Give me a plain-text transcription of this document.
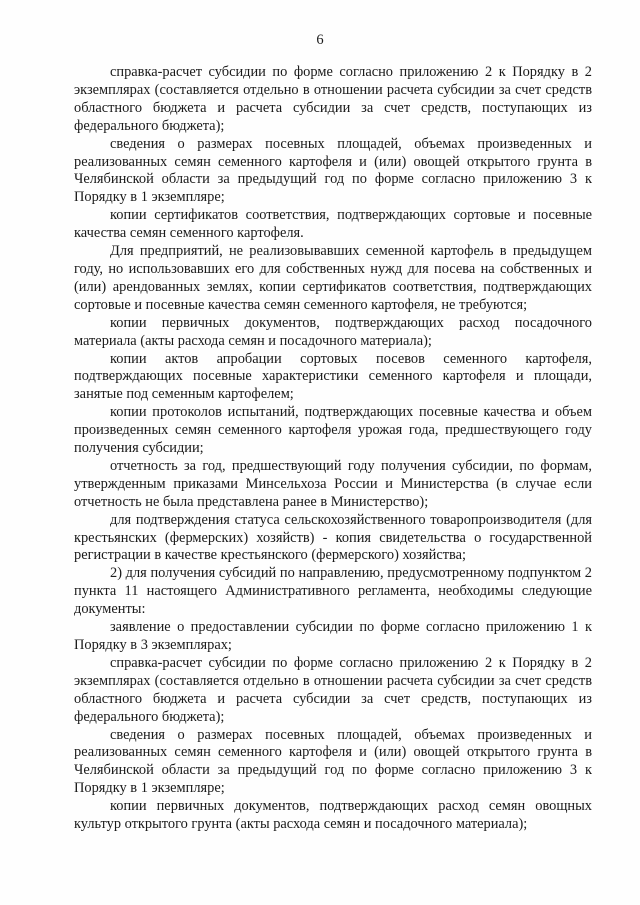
6

справка-расчет субсидии по форме согласно приложению 2 к Порядку в 2 экземплярах (составляется отдельно в отношении расчета субсидии за счет средств областного бюджета и расчета субсидии за счет средств, поступающих из федерального бюджета);

сведения о размерах посевных площадей, объемах произведенных и реализованных семян семенного картофеля и (или) овощей открытого грунта в Челябинской области за предыдущий год по форме согласно приложению 3 к Порядку в 1 экземпляре;

копии сертификатов соответствия, подтверждающих сортовые и посевные качества семян семенного картофеля.

Для предприятий, не реализовывавших семенной картофель в предыдущем году, но использовавших его для собственных нужд для посева на собственных и (или) арендованных землях, копии сертификатов соответствия, подтверждающих сортовые и посевные качества семян семенного картофеля, не требуются;

копии первичных документов, подтверждающих расход посадочного материала (акты расхода семян и посадочного материала);

копии актов апробации сортовых посевов семенного картофеля, подтверждающих посевные характеристики семенного картофеля и площади, занятые под семенным картофелем;

копии протоколов испытаний, подтверждающих посевные качества и объем произведенных семян семенного картофеля урожая года, предшествующего году получения субсидии;

отчетность за год, предшествующий году получения субсидии, по формам, утвержденным приказами Минсельхоза России и Министерства (в случае если отчетность не была представлена ранее в Министерство);

для подтверждения статуса сельскохозяйственного товаропроизводителя (для крестьянских (фермерских) хозяйств) - копия свидетельства о государственной регистрации в качестве крестьянского (фермерского) хозяйства;

2) для получения субсидий по направлению, предусмотренному подпунктом 2 пункта 11 настоящего Административного регламента, необходимы следующие документы:

заявление о предоставлении субсидии по форме согласно приложению 1 к Порядку в 3 экземплярах;

справка-расчет субсидии по форме согласно приложению 2 к Порядку в 2 экземплярах (составляется отдельно в отношении расчета субсидии за счет средств областного бюджета и расчета субсидии за счет средств, поступающих из федерального бюджета);

сведения о размерах посевных площадей, объемах произведенных и реализованных семян семенного картофеля и (или) овощей открытого грунта в Челябинской области за предыдущий год по форме согласно приложению 3 к Порядку в 1 экземпляре;

копии первичных документов, подтверждающих расход семян овощных культур открытого грунта (акты расхода семян и посадочного материала);
